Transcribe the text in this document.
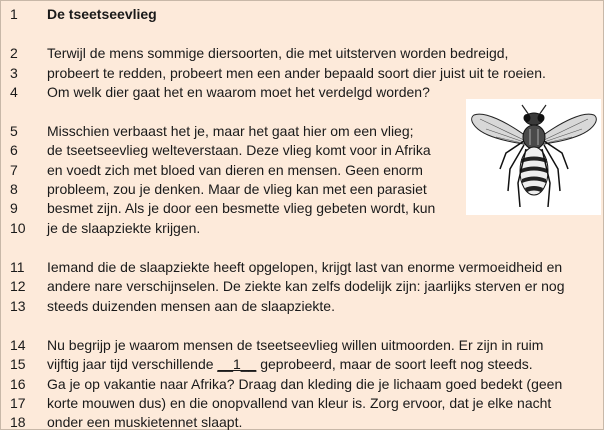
1	De tseetseevlieg
2	Terwijl de mens sommige diersoorten, die met uitsterven worden bedreigd,
3	probeert te redden, probeert men een ander bepaald soort dier juist uit te roeien.
4	Om welk dier gaat het en waarom moet het verdelgd worden?
5	Misschien verbaast het je, maar het gaat hier om een vlieg;
6	de tseetseevlieg welteverstaan. Deze vlieg komt voor in Afrika
7	en voedt zich met bloed van dieren en mensen. Geen enorm
8	probleem, zou je denken. Maar de vlieg kan met een parasiet
9	besmet zijn. Als je door een besmette vlieg gebeten wordt, kun
10	je de slaapziekte krijgen.
11	Iemand die de slaapziekte heeft opgelopen, krijgt last van enorme vermoeidheid en
12	andere nare verschijnselen. De ziekte kan zelfs dodelijk zijn: jaarlijks sterven er nog
13	steeds duizenden mensen aan de slaapziekte.
14	Nu begrijp je waarom mensen de tseetseevlieg willen uitmoorden. Er zijn in ruim
15	vijftig jaar tijd verschillende __1__ geprobeerd, maar de soort leeft nog steeds.
16	Ga je op vakantie naar Afrika? Draag dan kleding die je lichaam goed bedekt (geen
17	korte mouwen dus) en die onopvallend van kleur is. Zorg ervoor, dat je elke nacht
18	onder een muskietennet slaapt.
